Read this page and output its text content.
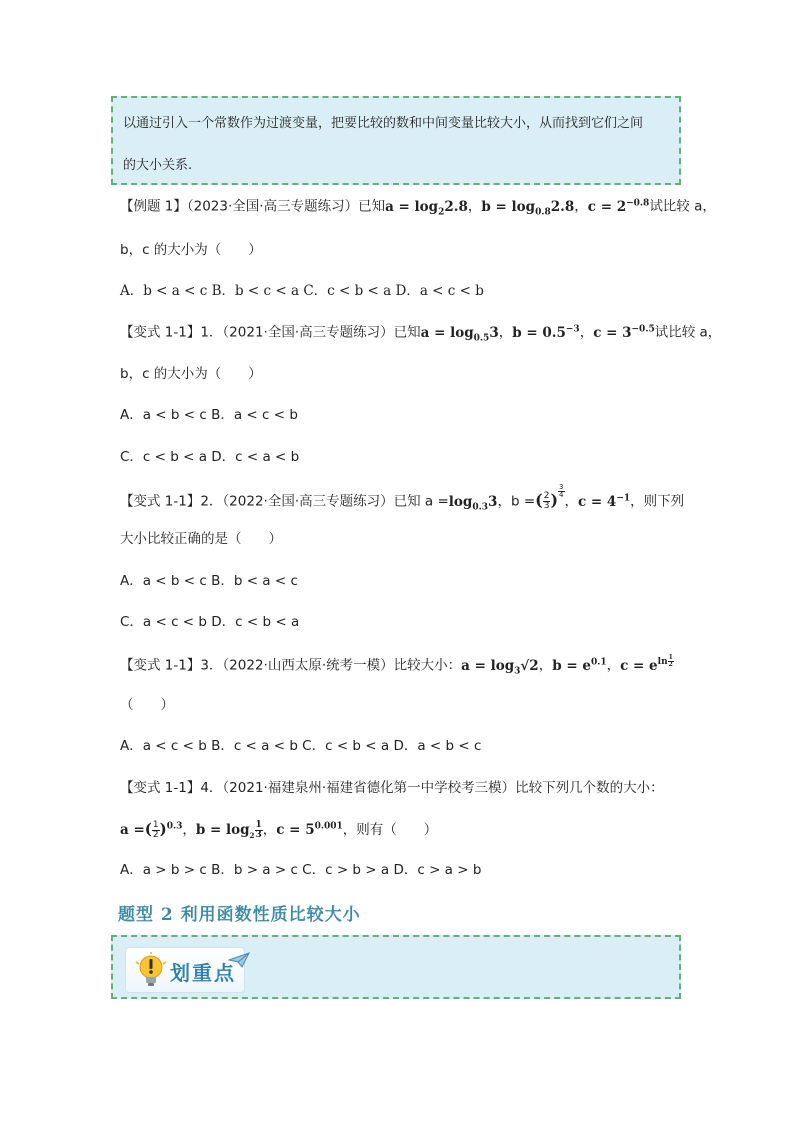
以通过引入一个常数作为过渡变量，把要比较的数和中间变量比较大小，从而找到它们之间
的大小关系.
【例题 1】（2023·全国·高三专题练习）已知$a = \log_22.8$，$b = \log_{0.8}2.8$，$c = 2^{-0.8}$试比较 a，
b，c 的大小为（　　）
A．b < a < c B．b < c < a C．c < b < a D．a < c < b
【变式 1-1】1．（2021·全国·高三专题练习）已知$a = \log_{0.5}3$，$b = 0.5^{-3}$，$c = 3^{-0.5}$试比较 a，
b，c 的大小为（　　）
A．a < b < c B．a < c < b
C．c < b < a D．c < a < b
【变式 1-1】2．（2022·全国·高三专题练习）已知 $a =\log_{0.3}3$，b =( $\frac{2}{3}$ ) $^{\frac{3}{4}}$
，$c = 4^{-1}$，则下列
大小比较正确的是（　　）
A．a < b < c B．b < a < c
C．a < c < b D．c < b < a
【变式 1-1】3．（2022·山西太原·统考一模）比较大小：$a = \log_3√2$，$b = e^{0.1}$，$c = e^{ln \frac{1}{2}}$
（　　）
A．a < c < b B．c < a < b C．c < b < a D．a < b < c
【变式 1-1】4．（2021·福建泉州·福建省德化第一中学校考三模）比较下列几个数的大小：
a =( $\frac{1}{2} )^{0.3}$，$b = \log _2 \frac{1}{3}$ ，$c = 5^{0.001}$，则有（　　）
A．a > b > c B．b > a > c C．c > b > a D．c > a > b
题型 2 利用函数性质比较大小
划重点
